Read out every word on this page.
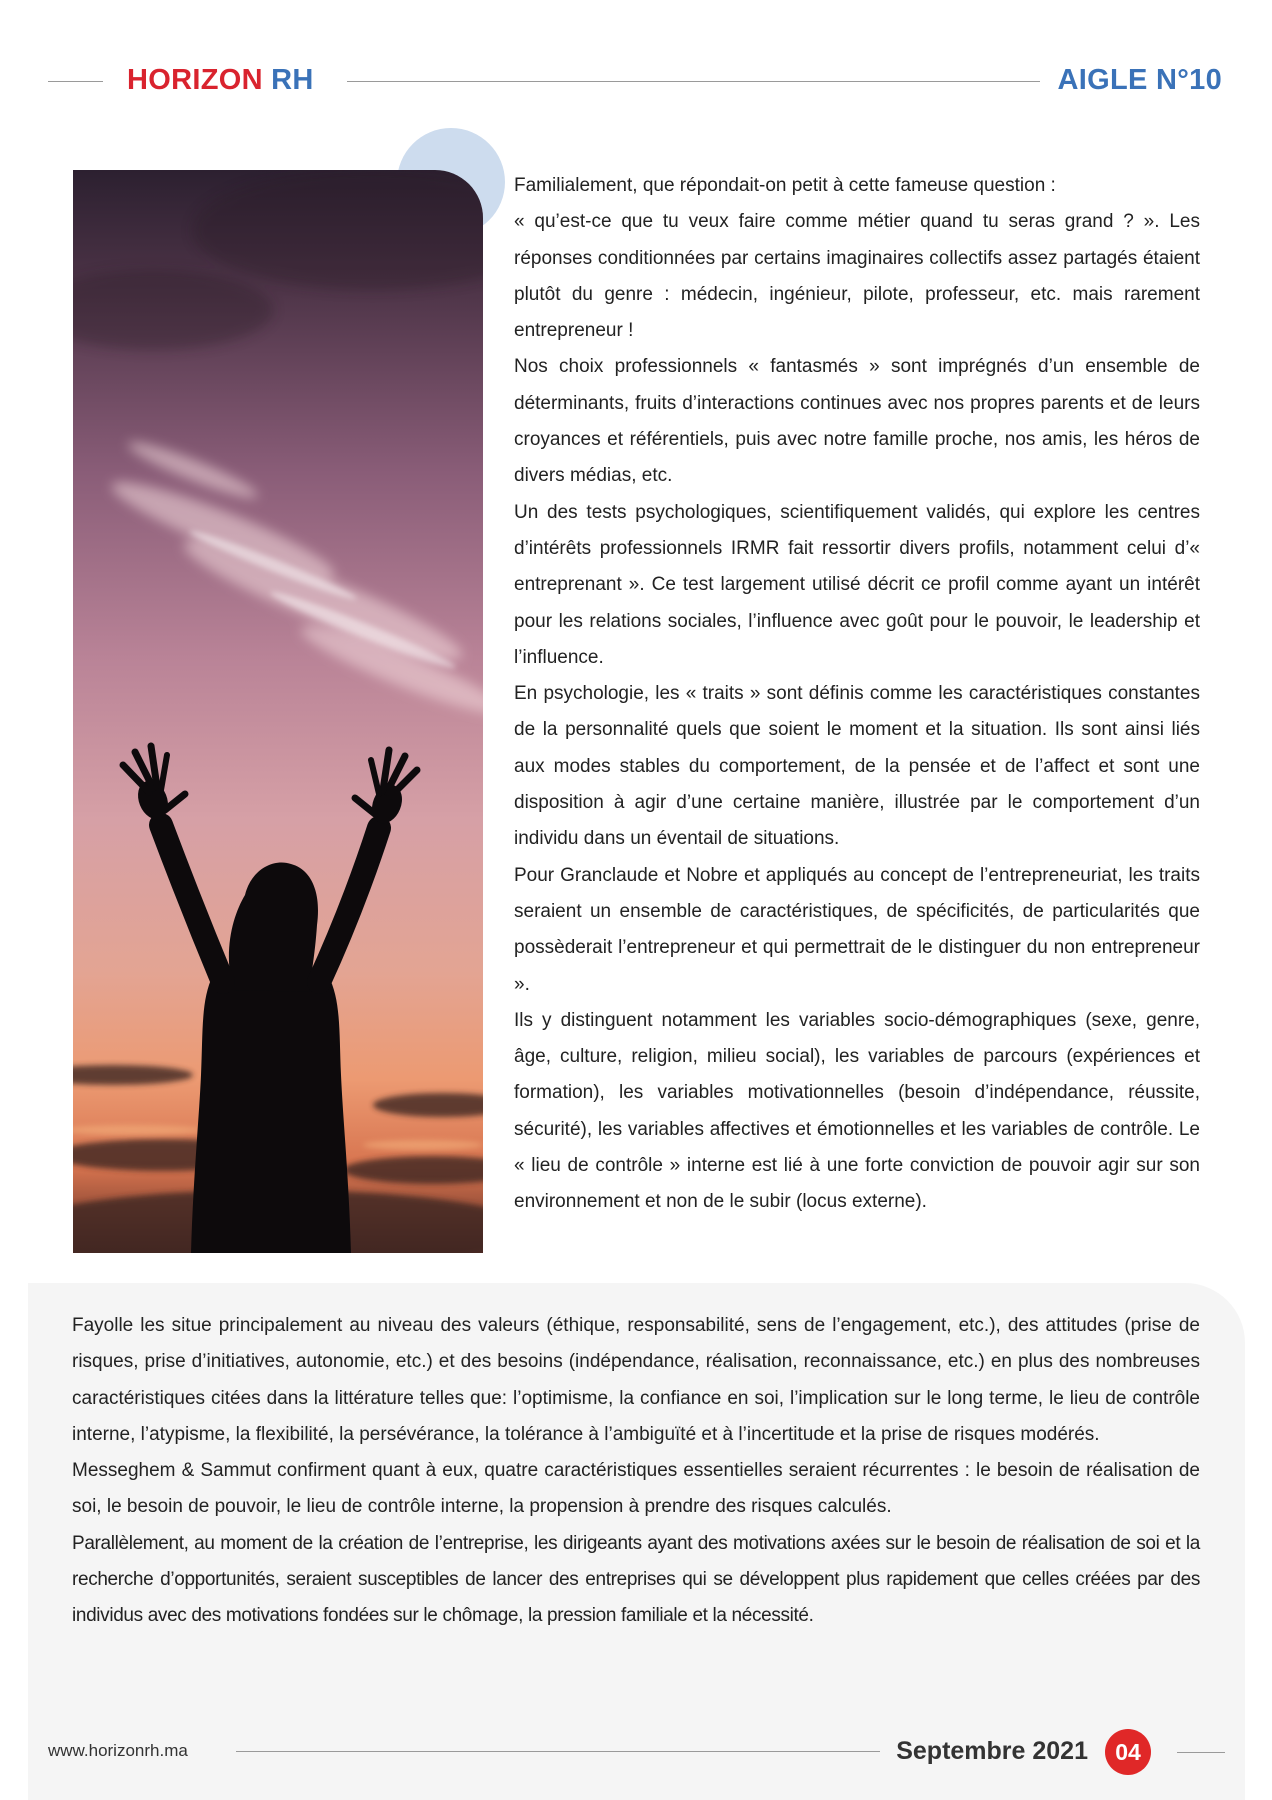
HORIZON RH	AIGLE N°10

Familialement, que répondait-on petit à cette fameuse question :

« qu’est-ce que tu veux faire comme métier quand tu seras grand ? ». Les réponses conditionnées par certains imaginaires collectifs assez partagés étaient plutôt du genre : médecin, ingénieur, pilote, professeur, etc. mais rarement entrepreneur !

Nos choix professionnels « fantasmés » sont imprégnés d’un ensemble de déterminants, fruits d’interactions continues avec nos propres parents et de leurs croyances et référentiels, puis avec notre famille proche, nos amis, les héros de divers médias, etc.

Un des tests psychologiques, scientifiquement validés, qui explore les centres d’intérêts professionnels IRMR fait ressortir divers profils, notamment celui d’« entreprenant ». Ce test largement utilisé décrit ce profil comme ayant un intérêt pour les relations sociales, l’influence avec goût pour le pouvoir, le leadership et l’influence.

En psychologie, les « traits » sont définis comme les caractéristiques constantes de la personnalité quels que soient le moment et la situation. Ils sont ainsi liés aux modes stables du comportement, de la pensée et de l’affect et sont une disposition à agir d’une certaine manière, illustrée par le comportement d’un individu dans un éventail de situations.

Pour Granclaude et Nobre et appliqués au concept de l’entrepreneuriat, les traits seraient un ensemble de caractéristiques, de spécificités, de particularités que possèderait l’entrepreneur et qui permettrait de le distinguer du non entrepreneur ».

Ils y distinguent notamment les variables socio-démographiques (sexe, genre, âge, culture, religion, milieu social), les variables de parcours (expériences et formation), les variables motivationnelles (besoin d’indépendance, réussite, sécurité), les variables affectives et émotionnelles et les variables de contrôle. Le « lieu de contrôle » interne est lié à une forte conviction de pouvoir agir sur son environnement et non de le subir (locus externe).

Fayolle les situe principalement au niveau des valeurs (éthique, responsabilité, sens de l’engagement, etc.), des attitudes (prise de risques, prise d’initiatives, autonomie, etc.) et des besoins (indépendance, réalisation, reconnaissance, etc.) en plus des nombreuses caractéristiques citées dans la littérature telles que: l’optimisme, la confiance en soi, l’implication sur le long terme, le lieu de contrôle interne, l’atypisme, la flexibilité, la persévérance, la tolérance à l’ambiguïté et à l’incertitude et la prise de risques modérés.

Messeghem & Sammut confirment quant à eux, quatre caractéristiques essentielles seraient récurrentes : le besoin de réalisation de soi, le besoin de pouvoir, le lieu de contrôle interne, la propension à prendre des risques calculés.

Parallèlement, au moment de la création de l’entreprise, les dirigeants ayant des motivations axées sur le besoin de réalisation de soi et la recherche d’opportunités, seraient susceptibles de lancer des entreprises qui se développent plus rapidement que celles créées par des individus avec des motivations fondées sur le chômage, la pression familiale et la nécessité.

www.horizonrh.ma	Septembre 2021	04
